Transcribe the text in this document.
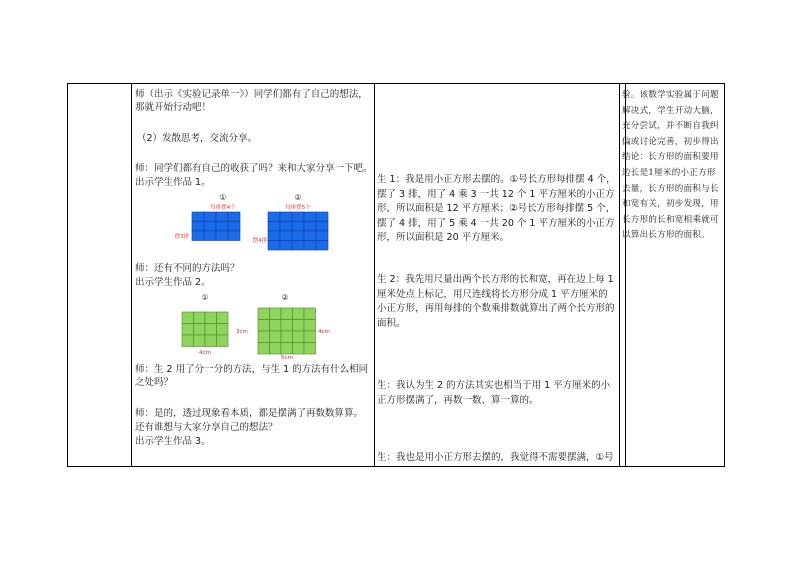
师（出示《实验记录单一》）同学们都有了自己的想法，
那就开始行动吧！
（2）发散思考，交流分享。
师：同学们都有自己的收获了吗？来和大家分享一下吧。
出示学生作品 1。
①	②
每排摆4个
摆3排
每排摆5个
摆4排
师：还有不同的方法吗？
出示学生作品 2。
①	②
3cm
4cm
4cm
5cm
师：生 2 用了分一分的方法，与生 1 的方法有什么相同
之处吗？
师：是的，透过现象看本质，都是摆满了再数数算算。
还有谁想与大家分享自己的想法？
出示学生作品 3。
生 1：我是用小正方形去摆的。①号长方形每排摆 4 个，摆了 3 排，用了 4 乘 3 一共 12 个 1 平方厘米的小正方形，所以面积是 12 平方厘米；②号长方形每排摆 5 个，摆了 4 排，用了 5 乘 4 一共 20 个 1 平方厘米的小正方形，所以面积是 20 平方厘米。
生 2：我先用尺量出两个长方形的长和宽，再在边上每 1 厘米处点上标记，用尺连线将长方形分成 1 平方厘米的小正方形，再用每排的个数乘排数就算出了两个长方形的面积。
生：我认为生 2 的方法其实也相当于用 1 平方厘米的小正方形摆满了，再数一数、算一算的。
生：我也是用小正方形去摆的，我觉得不需要摆满，①号
验。该数学实验属于问题解决式，学生开动大脑，充分尝试，并不断自我纠偏或讨论完善，初步得出结论：长方形的面积要用边长是1厘米的小正方形去量，长方形的面积与长和宽有关，初步发现，用长方形的长和宽相乘就可以算出长方形的面积。
